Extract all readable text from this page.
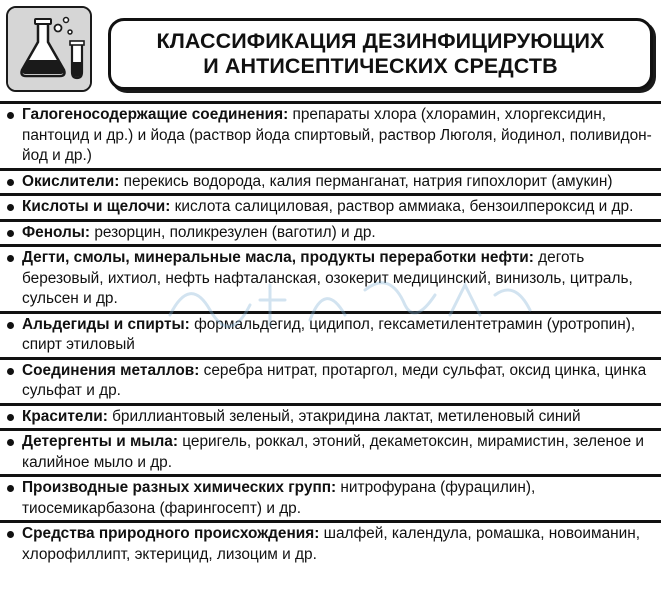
КЛАССИФИКАЦИЯ ДЕЗИНФИЦИРУЮЩИХ
И АНТИСЕПТИЧЕСКИХ СРЕДСТВ
Галогеносодержащие соединения: препараты хлора (хлорамин, хлоргексидин, пантоцид и др.) и йода (раствор йода спиртовый, раствор Люголя, йодинол, поливидон-йод и др.)
Окислители: перекись водорода, калия перманганат, натрия гипохлорит (амукин)
Кислоты и щелочи: кислота салициловая, раствор аммиака, бензоилпероксид и др.
Фенолы: резорцин, поликрезулен (ваготил) и др.
Дегти, смолы, минеральные масла, продукты переработки нефти: деготь березовый, ихтиол, нефть нафталанская, озокерит медицинский, винизоль, цитраль, сульсен и др.
Альдегиды и спирты: формальдегид, цидипол, гексаметилентетрамин (уротропин), спирт этиловый
Соединения металлов: серебра нитрат, протаргол, меди сульфат, оксид цинка, цинка сульфат и др.
Красители: бриллиантовый зеленый, этакридина лактат, метиленовый синий
Детергенты и мыла: церигель, роккал, этоний, декаметоксин, мирамистин, зеленое и калийное мыло и др.
Производные разных химических групп: нитрофурана (фурацилин), тиосемикарбазона (фарингосепт) и др.
Средства природного происхождения: шалфей, календула, ромашка, новоиманин, хлорофиллипт, эктерицид, лизоцим и др.
